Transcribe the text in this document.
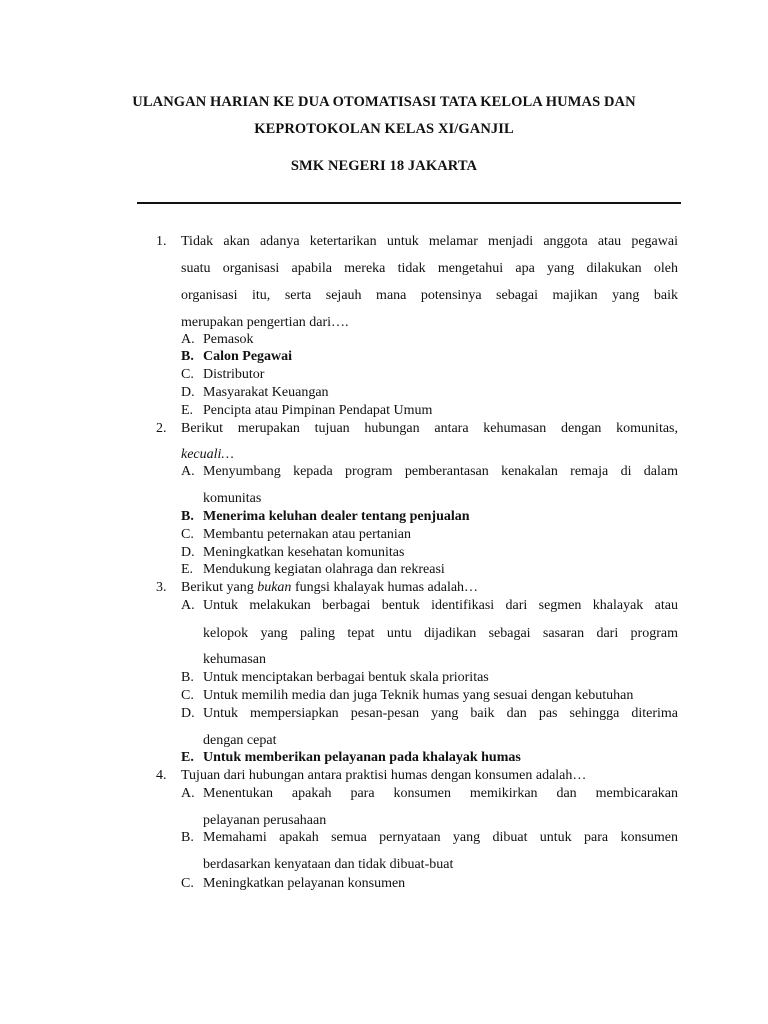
ULANGAN HARIAN KE DUA OTOMATISASI TATA KELOLA HUMAS DAN
KEPROTOKOLAN KELAS XI/GANJIL
SMK NEGERI 18 JAKARTA
1. Tidak akan adanya ketertarikan untuk melamar menjadi anggota atau pegawai
suatu organisasi apabila mereka tidak mengetahui apa yang dilakukan oleh
organisasi itu, serta sejauh mana potensinya sebagai majikan yang baik
merupakan pengertian dari….
A. Pemasok
B. Calon Pegawai
C. Distributor
D. Masyarakat Keuangan
E. Pencipta atau Pimpinan Pendapat Umum
2. Berikut merupakan tujuan hubungan antara kehumasan dengan komunitas,
kecuali…
A. Menyumbang kepada program pemberantasan kenakalan remaja di dalam
komunitas
B. Menerima keluhan dealer tentang penjualan
C. Membantu peternakan atau pertanian
D. Meningkatkan kesehatan komunitas
E. Mendukung kegiatan olahraga dan rekreasi
3. Berikut yang bukan fungsi khalayak humas adalah…
A. Untuk melakukan berbagai bentuk identifikasi dari segmen khalayak atau
kelopok yang paling tepat untu dijadikan sebagai sasaran dari program
kehumasan
B. Untuk menciptakan berbagai bentuk skala prioritas
C. Untuk memilih media dan juga Teknik humas yang sesuai dengan kebutuhan
D. Untuk mempersiapkan pesan-pesan yang baik dan pas sehingga diterima
dengan cepat
E. Untuk memberikan pelayanan pada khalayak humas
4. Tujuan dari hubungan antara praktisi humas dengan konsumen adalah…
A. Menentukan apakah para konsumen memikirkan dan membicarakan
pelayanan perusahaan
B. Memahami apakah semua pernyataan yang dibuat untuk para konsumen
berdasarkan kenyataan dan tidak dibuat-buat
C. Meningkatkan pelayanan konsumen
